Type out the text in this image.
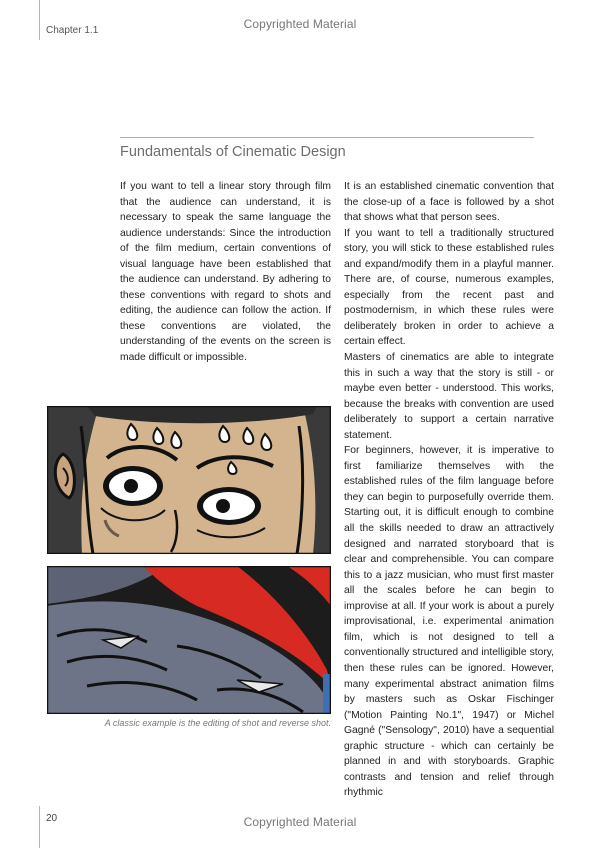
Chapter 1.1	Copyrighted Material
Fundamentals of Cinematic Design

If you want to tell a linear story through film that the audience can understand, it is necessary to speak the same language the audience understands: Since the introduction of the film medium, certain conventions of visual language have been established that the audience can understand. By adhering to these conventions with regard to shots and editing, the audience can follow the action. If these conventions are violated, the understanding of the events on the screen is made difficult or impossible.

It is an established cinematic convention that the close-up of a face is followed by a shot that shows what that person sees.

If you want to tell a traditionally structured story, you will stick to these established rules and expand/modify them in a playful manner. There are, of course, numerous examples, especially from the recent past and postmodernism, in which these rules were deliberately broken in order to achieve a certain effect.

Masters of cinematics are able to integrate this in such a way that the story is still - or maybe even better - understood. This works, because the breaks with convention are used deliberately to support a certain narrative statement.

For beginners, however, it is imperative to first familiarize themselves with the established rules of the film language before they can begin to purposefully override them. Starting out, it is difficult enough to combine all the skills needed to draw an attractively designed and narrated storyboard that is clear and comprehensible. You can compare this to a jazz musician, who must first master all the scales before he can begin to improvise at all. If your work is about a purely improvisational, i.e. experimental animation film, which is not designed to tell a conventionally structured and intelligible story, then these rules can be ignored. However, many experimental abstract animation films by masters such as Oskar Fischinger ("Motion Painting No.1", 1947) or Michel Gagné ("Sensology", 2010) have a sequential graphic structure - which can certainly be planned in and with storyboards. Graphic contrasts and tension and relief through rhythmic

A classic example is the editing of shot and reverse shot.
20	Copyrighted Material
